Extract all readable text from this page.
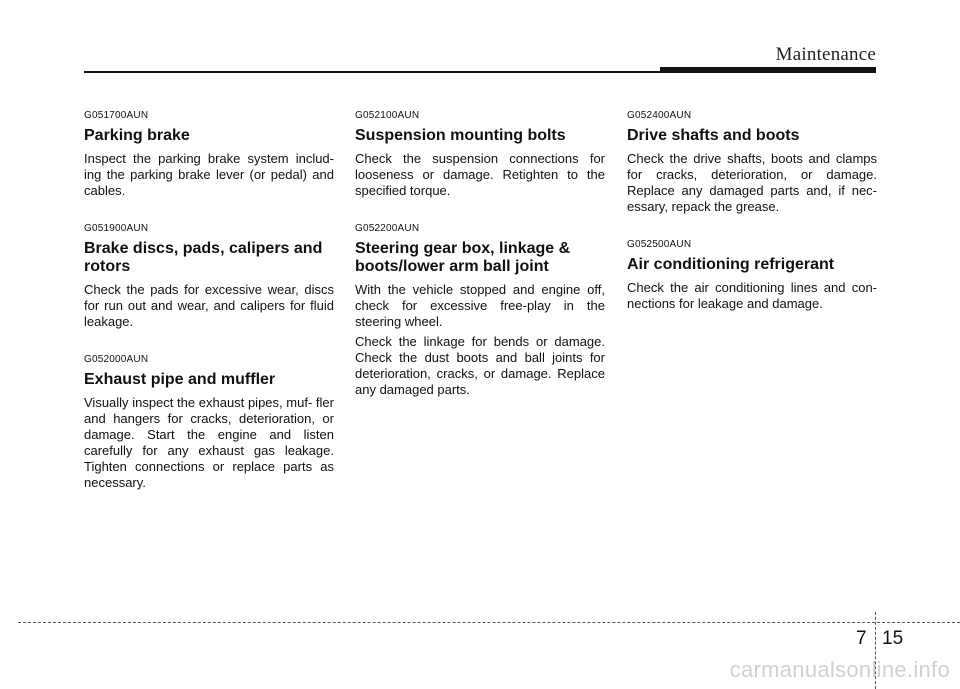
Maintenance
G051700AUN
Parking brake

Inspect the parking brake system includ- ing the parking brake lever (or pedal) and cables.

G051900AUN
Brake discs, pads, calipers and rotors

Check the pads for excessive wear, discs for run out and wear, and calipers for fluid leakage.

G052000AUN
Exhaust pipe and muffler

Visually inspect the exhaust pipes, muf- fler and hangers for cracks, deterioration, or damage. Start the engine and listen carefully for any exhaust gas leakage. Tighten connections or replace parts as necessary.

G052100AUN
Suspension mounting bolts

Check the suspension connections for looseness or damage. Retighten to the specified torque.

G052200AUN
Steering gear box, linkage & boots/lower arm ball joint

With the vehicle stopped and engine off, check for excessive free-play in the steering wheel.

Check the linkage for bends or damage. Check the dust boots and ball joints for deterioration, cracks, or damage. Replace any damaged parts.

G052400AUN
Drive shafts and boots

Check the drive shafts, boots and clamps for cracks, deterioration, or damage. Replace any damaged parts and, if nec- essary, repack the grease.

G052500AUN
Air conditioning refrigerant

Check the air conditioning lines and con- nections for leakage and damage.

7 15
carmanualsonline.info
